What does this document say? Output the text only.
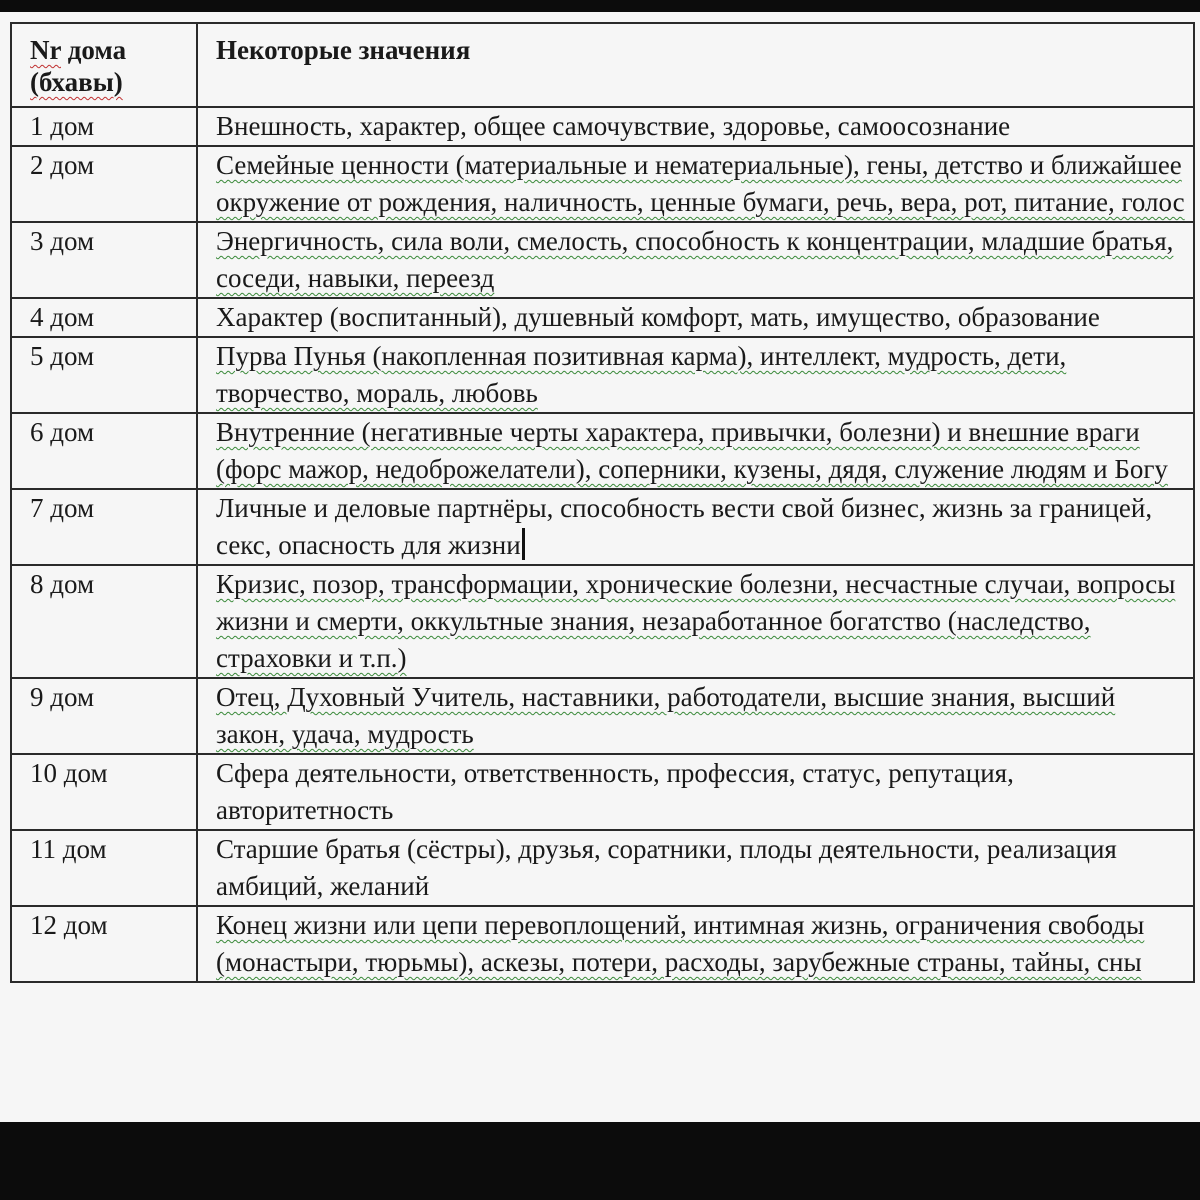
Nr дома
(бхавы)	Некоторые значения
1 дом	Внешность, характер, общее самочувствие, здоровье, самоосознание
2 дом	Семейные ценности (материальные и нематериальные), гены, детство и ближайшее окружение от рождения, наличность, ценные бумаги, речь, вера, рот, питание, голос
3 дом	Энергичность, сила воли, смелость, способность к концентрации, младшие братья, соседи, навыки, переезд
4 дом	Характер (воспитанный), душевный комфорт, мать, имущество, образование
5 дом	Пурва Пунья (накопленная позитивная карма), интеллект, мудрость, дети, творчество, мораль, любовь
6 дом	Внутренние (негативные черты характера, привычки, болезни) и внешние враги (форс мажор, недоброжелатели), соперники, кузены, дядя, служение людям и Богу
7 дом	Личные и деловые партнёры, способность вести свой бизнес, жизнь за границей, секс, опасность для жизни
8 дом	Кризис, позор, трансформации, хронические болезни, несчастные случаи, вопросы жизни и смерти, оккультные знания, незаработанное богатство (наследство, страховки и т.п.)
9 дом	Отец, Духовный Учитель, наставники, работодатели, высшие знания, высший закон, удача, мудрость
10 дом	Сфера деятельности, ответственность, профессия, статус, репутация, авторитетность
11 дом	Старшие братья (сёстры), друзья, соратники, плоды деятельности, реализация амбиций, желаний
12 дом	Конец жизни или цепи перевоплощений, интимная жизнь, ограничения свободы (монастыри, тюрьмы), аскезы, потери, расходы, зарубежные страны, тайны, сны
